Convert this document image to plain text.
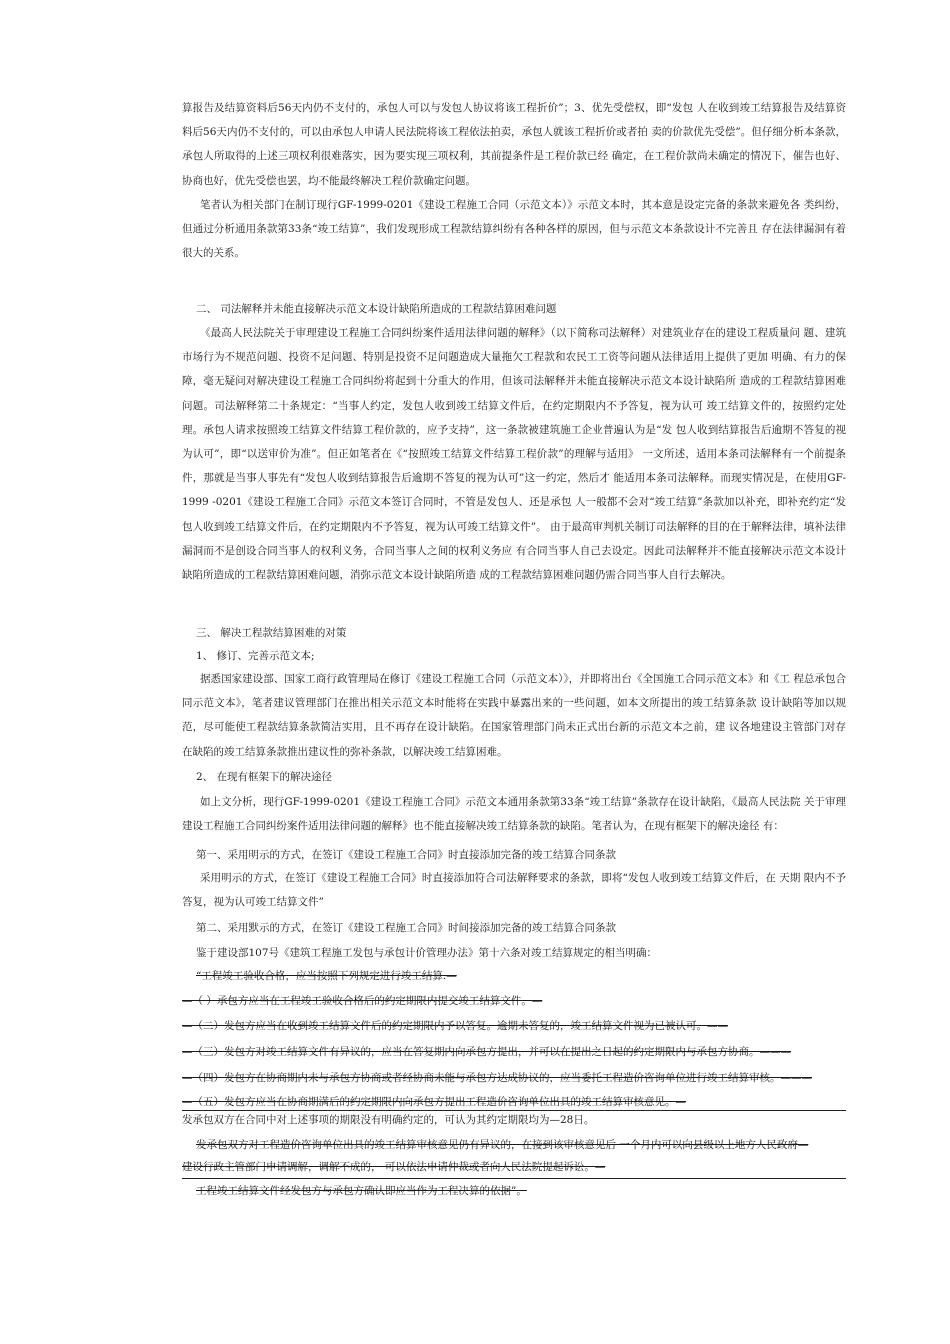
算报告及结算资料后56天内仍不支付的，承包人可以与发包人协议将该工程折价”；3、优先受偿权，即“发包 人在收到竣工结算报告及结算资料后56天内仍不支付的，可以由承包人申请人民法院将该工程依法拍卖，承包人就该工程折价或者拍 卖的价款优先受偿”。但仔细分析本条款，承包人所取得的上述三项权利很难落实，因为要实现三项权利，其前提条件是工程价款已经 确定，在工程价款尚未确定的情况下，催告也好、协商也好，优先受偿也罢，均不能最终解决工程价款确定问题。

笔者认为相关部门在制订现行GF-1999-0201《建设工程施工合同（示范文本）》示范文本时，其本意是设定完备的条款来避免各 类纠纷，但通过分析通用条款第33条“竣工结算”，我们发现形成工程款结算纠纷有各种各样的原因，但与示范文本条款设计不完善且 存在法律漏洞有着很大的关系。

二、 司法解释并未能直接解决示范文本设计缺陷所造成的工程款结算困难问题

《最高人民法院关于审理建设工程施工合同纠纷案件适用法律问题的解释》（以下简称司法解释）对建筑业存在的建设工程质量问 题、建筑市场行为不规范问题、投资不足问题、特别是投资不足问题造成大量拖欠工程款和农民工工资等问题从法律适用上提供了更加 明确、有力的保障，毫无疑问对解决建设工程施工合同纠纷将起到十分重大的作用，但该司法解释并未能直接解决示范文本设计缺陷所 造成的工程款结算困难问题。司法解释第二十条规定：“当事人约定，发包人收到竣工结算文件后，在约定期限内不予答复，视为认可 竣工结算文件的，按照约定处理。承包人请求按照竣工结算文件结算工程价款的，应予支持”，这一条款被建筑施工企业普遍认为是“发 包人收到结算报告后逾期不答复的视为认可”，即“以送审价为准”。但正如笔者在《“按照竣工结算文件结算工程价款”的理解与适用》 一文所述，适用本条司法解释有一个前提条件，那就是当事人事先有“发包人收到结算报告后逾期不答复的视为认可”这一约定，然后才 能适用本条司法解释。而现实情况是，在使用GF-1999 -0201《建设工程施工合同》示范文本签订合同时，不管是发包人、还是承包 人一般都不会对“竣工结算”条款加以补充，即补充约定“发包人收到竣工结算文件后，在约定期限内不予答复，视为认可竣工结算文件”。 由于最高审判机关制订司法解释的目的在于解释法律，填补法律漏洞而不是创设合同当事人的权利义务，合同当事人之间的权利义务应 有合同当事人自己去设定。因此司法解释并不能直接解决示范文本设计缺陷所造成的工程款结算困难问题，消弥示范文本设计缺陷所造 成的工程款结算困难问题仍需合同当事人自行去解决。

三、 解决工程款结算困难的对策

1、 修订、完善示范文本;

据悉国家建设部、国家工商行政管理局在修订《建设工程施工合同（示范文本）》，并即将出台《全国施工合同示范文本》和《工 程总承包合同示范文本》，笔者建议管理部门在推出相关示范文本时能将在实践中暴露出来的一些问题，如本文所提出的竣工结算条款 设计缺陷等加以规范，尽可能使工程款结算条款简洁实用，且不再存在设计缺陷。在国家管理部门尚未正式出台新的示范文本之前，建 议各地建设主管部门对存在缺陷的竣工结算条款推出建议性的弥补条款，以解决竣工结算困难。

2、 在现有框架下的解决途径

如上文分析，现行GF-1999-0201《建设工程施工合同》示范文本通用条款第33条“竣工结算”条款存在设计缺陷，《最高人民法院 关于审理建设工程施工合同纠纷案件适用法律问题的解释》也不能直接解决竣工结算条款的缺陷。笔者认为，在现有框架下的解决途径 有：

第一、采用明示的方式，在签订《建设工程施工合同》时直接添加完备的竣工结算合同条款

采用明示的方式，在签订《建设工程施工合同》时直接添加符合司法解释要求的条款，即将“发包人收到竣工结算文件后，在 天期 限内不予答复，视为认可竣工结算文件”

第二、采用默示的方式，在签订《建设工程施工合同》时间接添加完备的竣工结算合同条款

鉴于建设部107号《建筑工程施工发包与承包计价管理办法》第十六条对竣工结算规定的相当明确：

“工程竣工验收合格，应当按照下列规定进行竣工结算.—

—（ ）承包方应当在工程竣工验收合格后的约定期限内提交竣工结算文件。—

—（二）发包方应当在收到竣工结算文件后的约定期限内予以答复。逾期未答复的，竣工结算文件视为已被认可。——

—（三）发包方对竣工结算文件有异议的，应当在答复期内向承包方提出，并可以在提出之日起的约定期限内与承包方协商。———

—（四）发包方在协商期内未与承包方协商或者经协商未能与承包方达成协议的，应当委托工程造价咨询单位进行竣工结算审核。———

—（五）发包方应当在协商期满后的约定期限内向承包方提出工程造价咨询单位出具的竣工结算审核意见。—

发承包双方在合同中对上述事项的期限没有明确约定的，可认为其约定期限均为—28日。

发承包双方对工程造价咨询单位出具的竣工结算审核意见仍有异议的，在接到该审核意见后 一个月内可以向县级以上地方人民政府—

建设行政主管部门申请调解，调解不成的， 可以依法申请仲裁或者向人民法院提起诉讼。—

工程竣工结算文件经发包方与承包方确认即应当作为工程决算的依据”。
